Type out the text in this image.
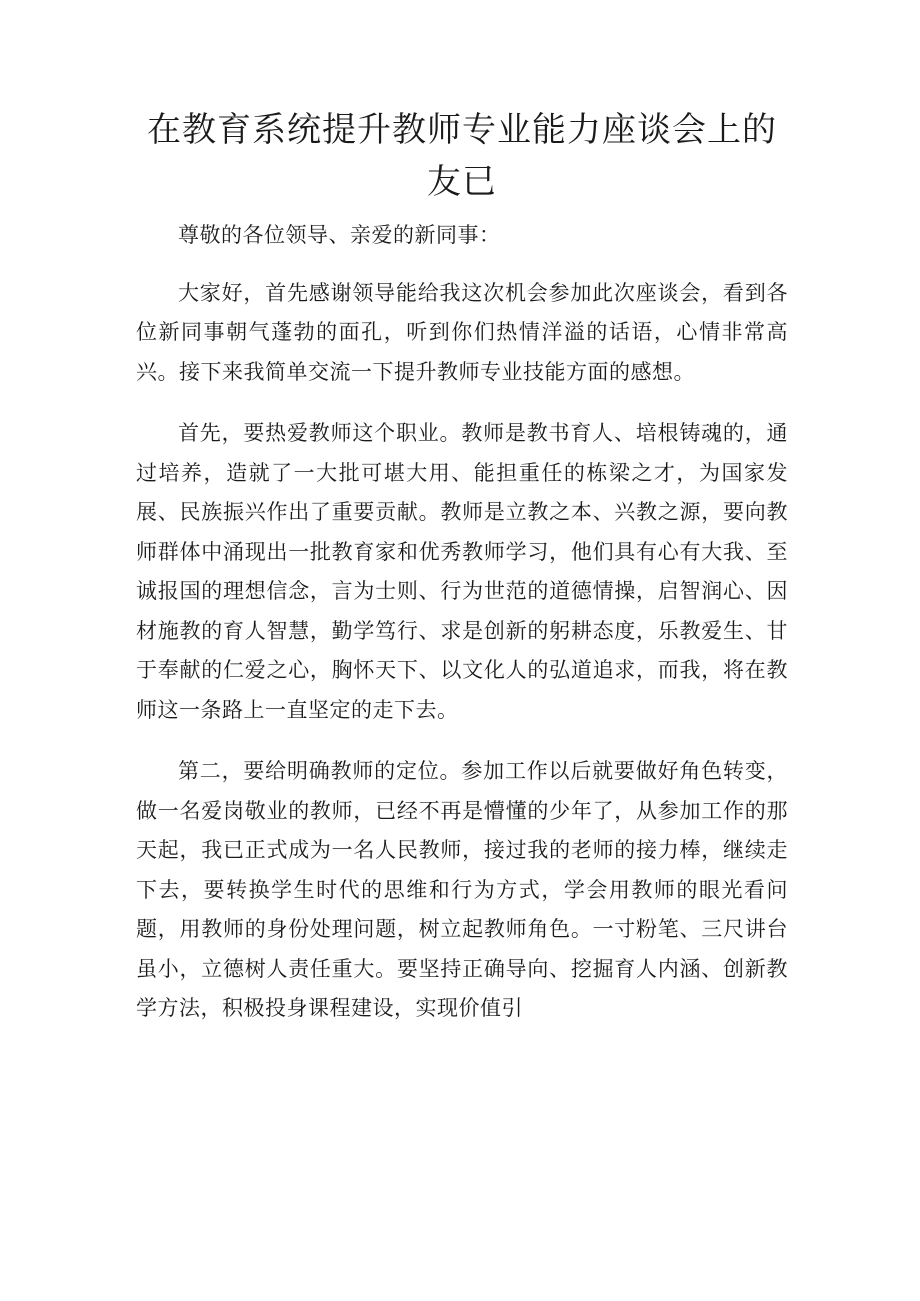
在教育系统提升教师专业能力座谈会上的
友已

尊敬的各位领导、亲爱的新同事：

大家好，首先感谢领导能给我这次机会参加此次座谈会，看到各位新同事朝气蓬勃的面孔，听到你们热情洋溢的话语，心情非常高兴。接下来我简单交流一下提升教师专业技能方面的感想。

首先，要热爱教师这个职业。教师是教书育人、培根铸魂的，通过培养，造就了一大批可堪大用、能担重任的栋梁之才，为国家发展、民族振兴作出了重要贡献。教师是立教之本、兴教之源，要向教师群体中涌现出一批教育家和优秀教师学习，他们具有心有大我、至诚报国的理想信念，言为士则、行为世范的道德情操，启智润心、因材施教的育人智慧，勤学笃行、求是创新的躬耕态度，乐教爱生、甘于奉献的仁爱之心，胸怀天下、以文化人的弘道追求，而我，将在教师这一条路上一直坚定的走下去。

第二，要给明确教师的定位。参加工作以后就要做好角色转变，做一名爱岗敬业的教师，已经不再是懵懂的少年了，从参加工作的那天起，我已正式成为一名人民教师，接过我的老师的接力棒，继续走下去，要转换学生时代的思维和行为方式，学会用教师的眼光看问题，用教师的身份处理问题，树立起教师角色。一寸粉笔、三尺讲台虽小，立德树人责任重大。要坚持正确导向、挖掘育人内涵、创新教学方法，积极投身课程建设，实现价值引
